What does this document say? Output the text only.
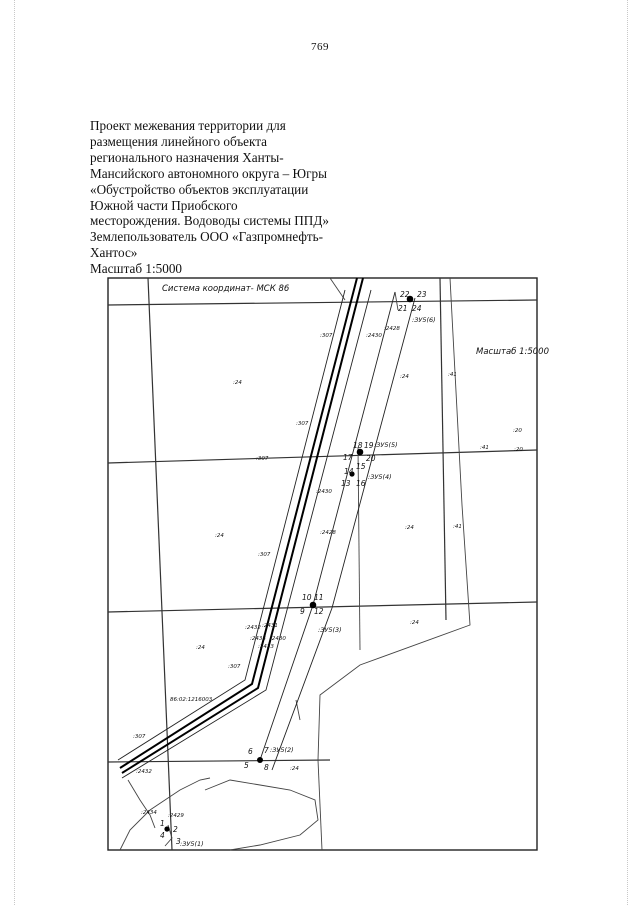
769
Проект межевания территории для
размещения линейного объекта
регионального назначения Ханты-
Мансийского автономного округа – Югры
«Обустройство объектов эксплуатации
Южной части Приобского
месторождения. Водоводы системы ППД»
Землепользователь ООО «Газпромнефть-
Хантос»
Масштаб 1:5000
Система координат- МСК 86
Масштаб 1:5000
:24
:24
:24
:24
:24
:24
:24
:41
:41
:41
:20
:20
:307
:307
:307
:307
:307
:307
:2430
:2430
:2430
:2428
:2428
:2431
:2432
:2433
:2433
:2432
:2434 :2429
86:02:1216003
1
2
3
4
5
6 7
8
9
10 11
12
13
14
15
16
17
18 19
20
21
22 23
24
:ЗУ5(1)
:ЗУ5(2)
:ЗУ5(3)
:ЗУ5(4)
:ЗУ5(5)
:ЗУ5(6)
